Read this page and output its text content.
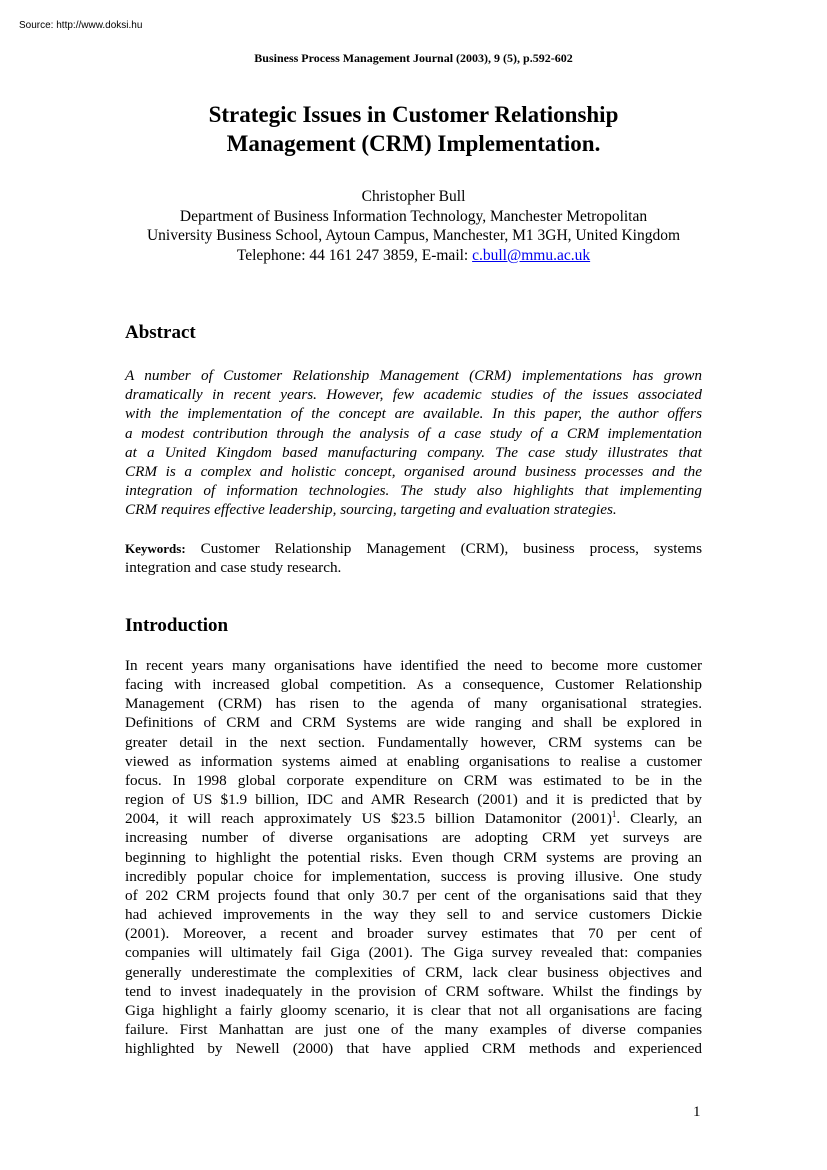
Source: http://www.doksi.hu
Business Process Management Journal (2003), 9 (5), p.592-602
Strategic Issues in Customer Relationship
Management (CRM) Implementation.
Christopher Bull
Department of Business Information Technology, Manchester Metropolitan
University Business School, Aytoun Campus, Manchester, M1 3GH, United Kingdom
Telephone: 44 161 247 3859, E-mail: c.bull@mmu.ac.uk
Abstract
A number of Customer Relationship Management (CRM) implementations has grown
dramatically in recent years. However, few academic studies of the issues associated
with the implementation of the concept are available. In this paper, the author offers
a modest contribution through the analysis of a case study of a CRM implementation
at a United Kingdom based manufacturing company. The case study illustrates that
CRM is a complex and holistic concept, organised around business processes and the
integration of information technologies. The study also highlights that implementing
CRM requires effective leadership, sourcing, targeting and evaluation strategies.
Keywords: Customer Relationship Management (CRM), business process, systems
integration and case study research.
Introduction
In recent years many organisations have identified the need to become more customer
facing with increased global competition. As a consequence, Customer Relationship
Management (CRM) has risen to the agenda of many organisational strategies.
Definitions of CRM and CRM Systems are wide ranging and shall be explored in
greater detail in the next section. Fundamentally however, CRM systems can be
viewed as information systems aimed at enabling organisations to realise a customer
focus. In 1998 global corporate expenditure on CRM was estimated to be in the
region of US $1.9 billion, IDC and AMR Research (2001) and it is predicted that by
2004, it will reach approximately US $23.5 billion Datamonitor $(2001)^1$. Clearly, an
increasing number of diverse organisations are adopting CRM yet surveys are
beginning to highlight the potential risks. Even though CRM systems are proving an
incredibly popular choice for implementation, success is proving illusive. One study
of 202 CRM projects found that only 30.7 per cent of the organisations said that they
had achieved improvements in the way they sell to and service customers Dickie
(2001). Moreover, a recent and broader survey estimates that 70 per cent of
companies will ultimately fail Giga (2001). The Giga survey revealed that: companies
generally underestimate the complexities of CRM, lack clear business objectives and
tend to invest inadequately in the provision of CRM software. Whilst the findings by
Giga highlight a fairly gloomy scenario, it is clear that not all organisations are facing
failure. First Manhattan are just one of the many examples of diverse companies
highlighted by Newell (2000) that have applied CRM methods and experienced
1
